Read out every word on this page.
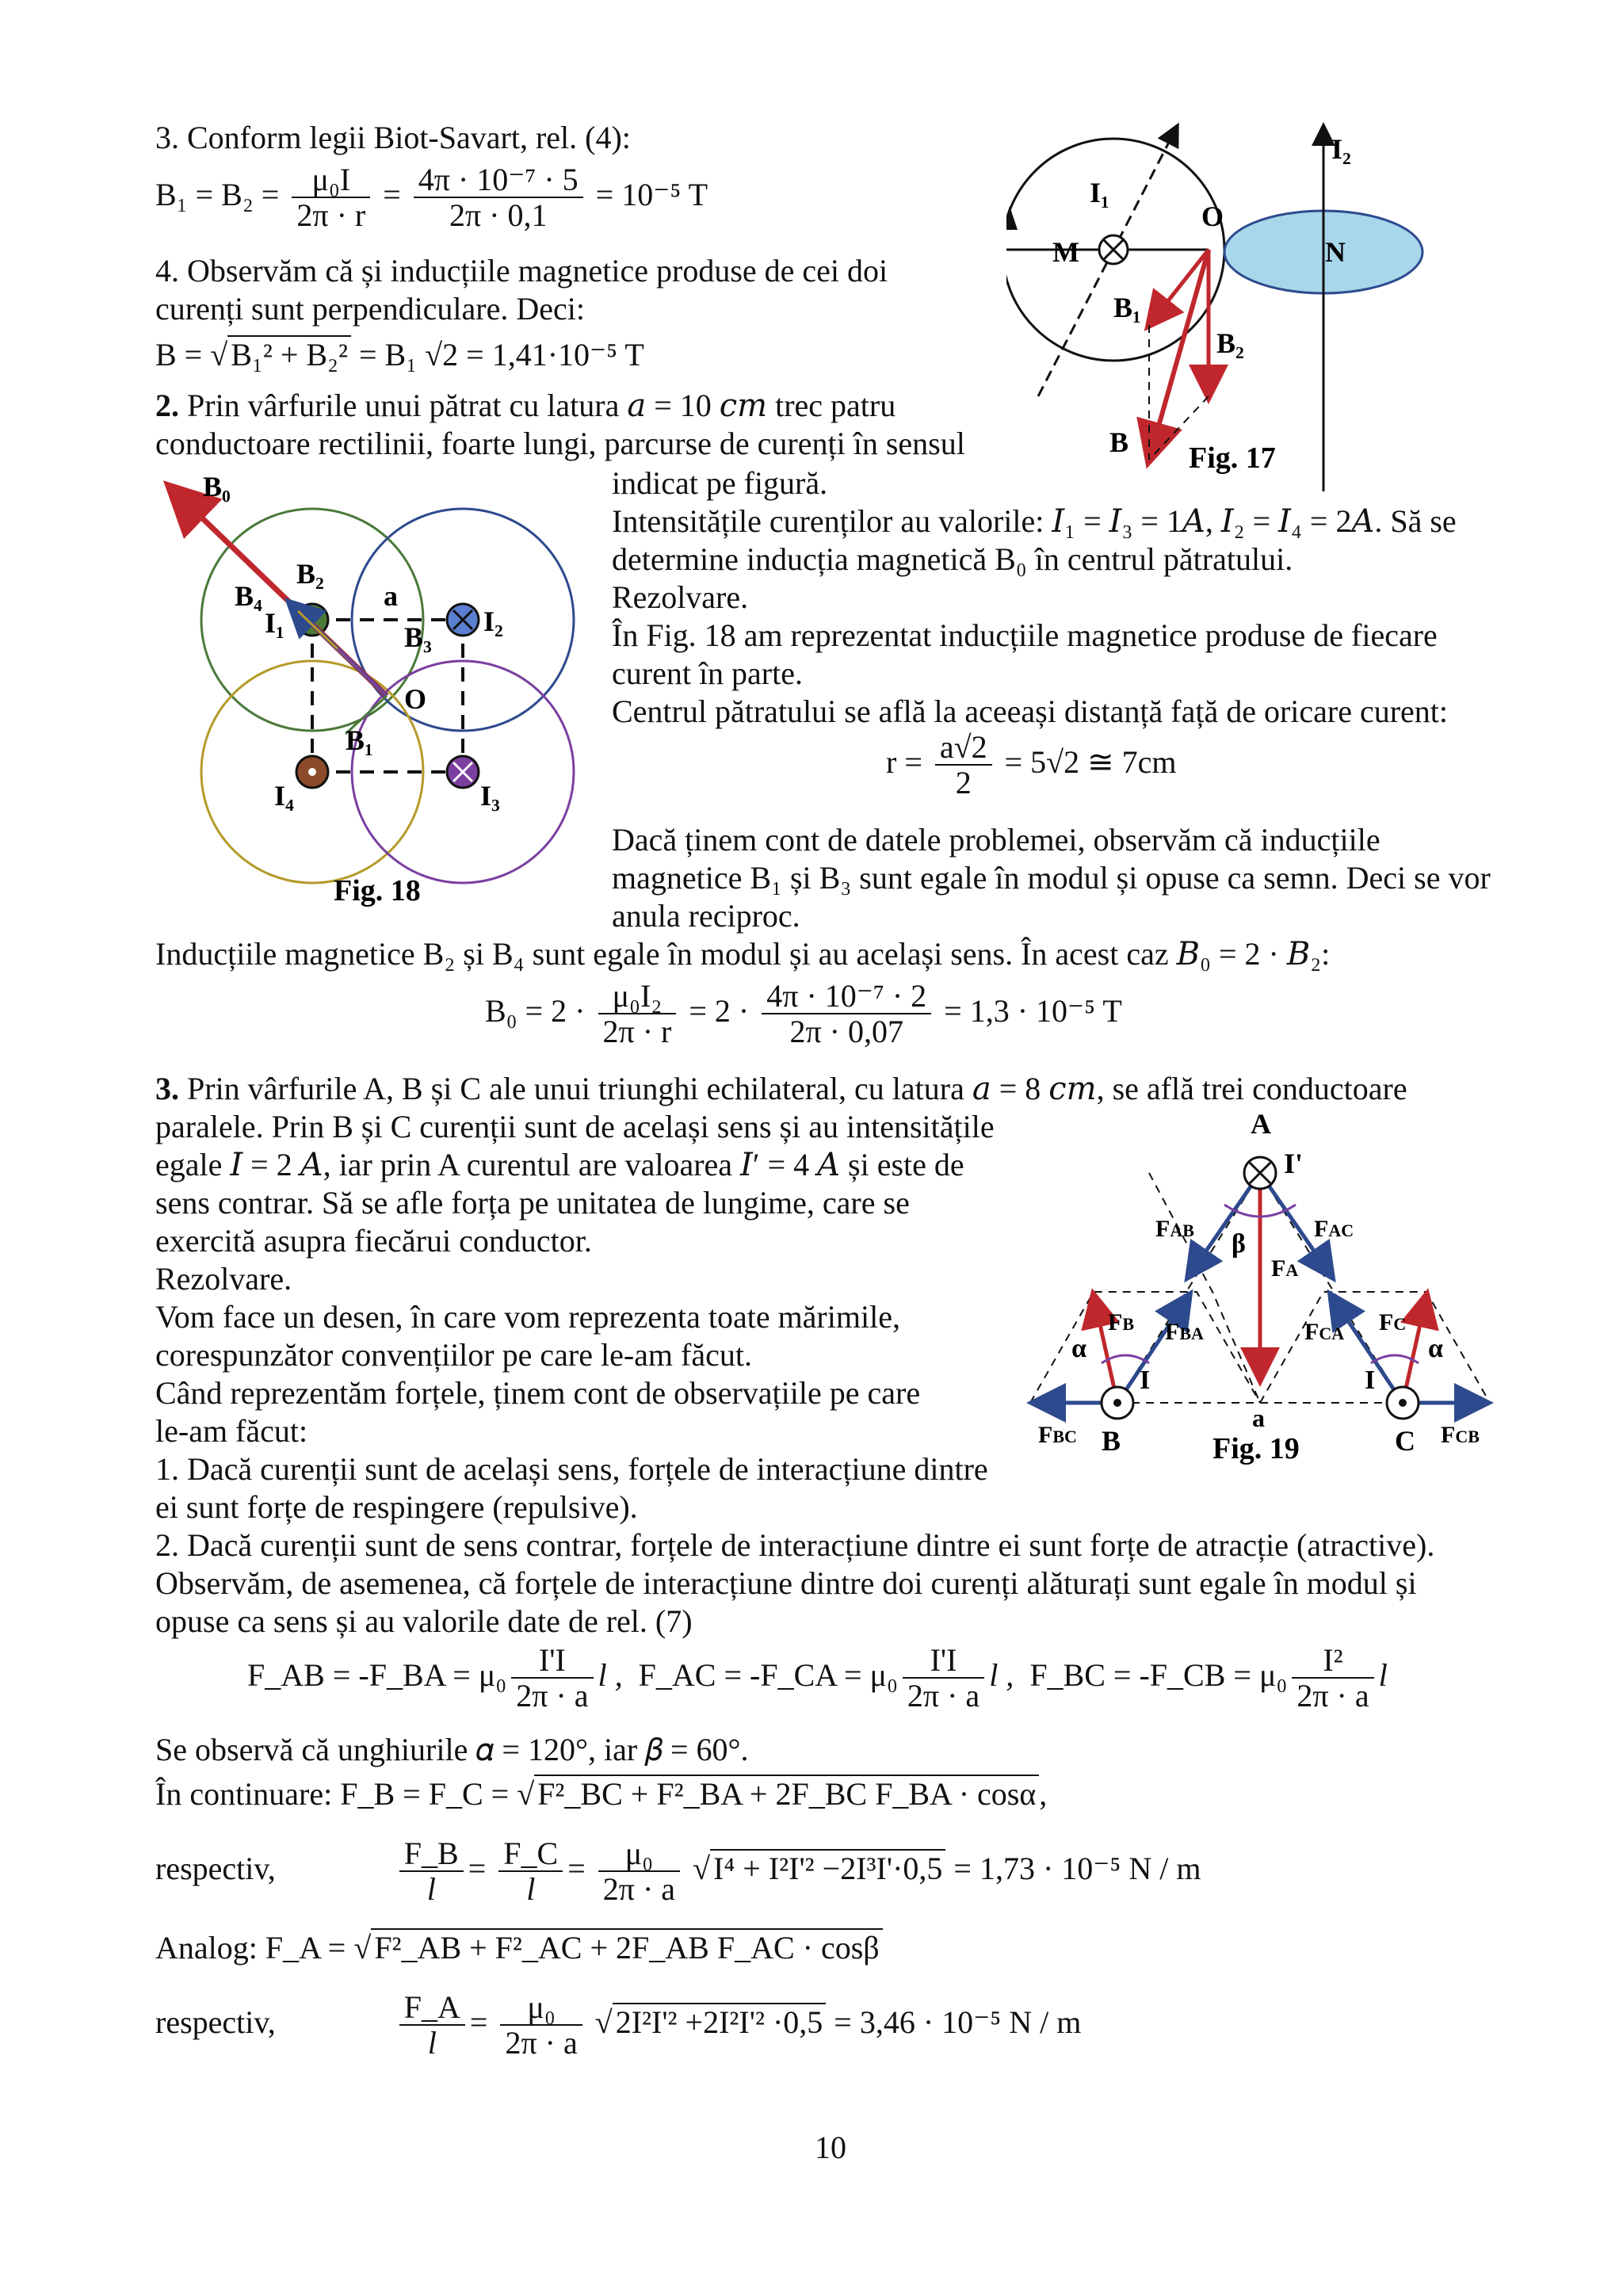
3. Conform legii Biot-Savart, rel. (4):
$B_1 = B_2 = \frac{\text{μ₀I}}{2\pi \cdot r} = \frac{\text{4π · 10⁻⁷ · 5}}{2\pi \cdot 0,1} = 10^{-5}$ T
4. Observăm că și inducțiile magnetice produse de cei doi
curenți sunt perpendiculare. Deci:
B = √ B₁² + B₂² = B₁ √2 = 1,41·10⁻⁵ T
2. Prin vârfurile unui pătrat cu latura 𝑎 = 10 𝑐𝑚 trec patru
conductoare rectilinii, foarte lungi, parcurse de curenți în sensul
indicat pe figură.
Intensitățile curenților au valorile: 𝐼₁ = 𝐼₃ = 1𝐴, 𝐼₂ = 𝐼₄ = 2𝐴. Să se
determine inducția magnetică B₀ în centrul pătratului.
Rezolvare.
În Fig. 18 am reprezentat inducțiile magnetice produse de fiecare
curent în parte.
Centrul pătratului se află la aceeași distanță față de oricare curent:
$r = \frac{a√2}{2} = 5√2$ ≅ 7cm
Dacă ținem cont de datele problemei, observăm că inducțiile
magnetice B₁ și B₃ sunt egale în modul și opuse ca semn. Deci se vor
anula reciproc.
Inducțiile magnetice B₂ și B₄ sunt egale în modul și au același sens. În acest caz 𝐵₀ = 2 · 𝐵₂:
$B_0 = 2 \cdot \frac{\text{μ₀I₂}}{2\pi \cdot r} = 2 \cdot \frac{\text{4π · 10⁻⁷ · 2}}{2\pi \cdot 0,07} = 1,3 \cdot 10^{-5}$ T
3. Prin vârfurile A, B și C ale unui triunghi echilateral, cu latura 𝑎 = 8 𝑐𝑚, se află trei conductoare
paralele. Prin B și C curenții sunt de același sens și au intensitățile
egale 𝐼 = 2 𝐴, iar prin A curentul are valoarea 𝐼′ = 4 𝐴 și este de
sens contrar. Să se afle forța pe unitatea de lungime, care se
exercită asupra fiecărui conductor.
Rezolvare.
Vom face un desen, în care vom reprezenta toate mărimile,
corespunzător convențiilor pe care le-am făcut.
Când reprezentăm forțele, ținem cont de observațiile pe care
le-am făcut:
1. Dacă curenții sunt de același sens, forțele de interacțiune dintre
ei sunt forțe de respingere (repulsive).
2. Dacă curenții sunt de sens contrar, forțele de interacțiune dintre ei sunt forțe de atracție (atractive).
Observăm, de asemenea, că forțele de interacțiune dintre doi curenți alăturați sunt egale în modul și
opuse ca sens și au valorile date de rel. (7)
F_AB = -F_BA = $\mu_0 \frac{I'I}{2\pi \cdot a}$ l , F_AC = -F_CA = $\mu_0 \frac{I'I}{2\pi \cdot a}$ l , F_BC = -F_CB = $\mu_0 \frac{\text{I²}}{2\pi \cdot a}$ l
Se observă că unghiurile 𝛼 = 120°, iar 𝛽 = 60°.
În continuare: F_B = F_C = √ F²_BC + F²_BA + 2F_BC F_BA · cosα ,
respectiv,	$\frac{F\_B}{l} = \frac{F\_C}{l} = \frac{\text{μ₀}}{2\pi \cdot a}$ √ I⁴ + I²I'² −2I³I'·0,5 = 1,73 · 10⁻⁵ N / m
Analog: F_A = √ F²_AB + F²_AC + 2F_AB F_AC · cosβ
respectiv,	$\frac{F\_A}{l} = \frac{\text{μ₀}}{2\pi \cdot a}$ √ 2I²I'² +2I²I'² ·0,5 = 3,46 · 10⁻⁵ N / m
10
I₁
M
O
I₂
N
B₁
B₂
B Fig. 17
B₀
B₂
B₄	a
I₁	B₃ I₂
O
B₁
I₄	I₃
Fig. 18
A
I'
FAB	FAC
β
FA
FB FBA	FCA FC
α	α
I	I
a
FBC B	C FCB
Fig. 19
